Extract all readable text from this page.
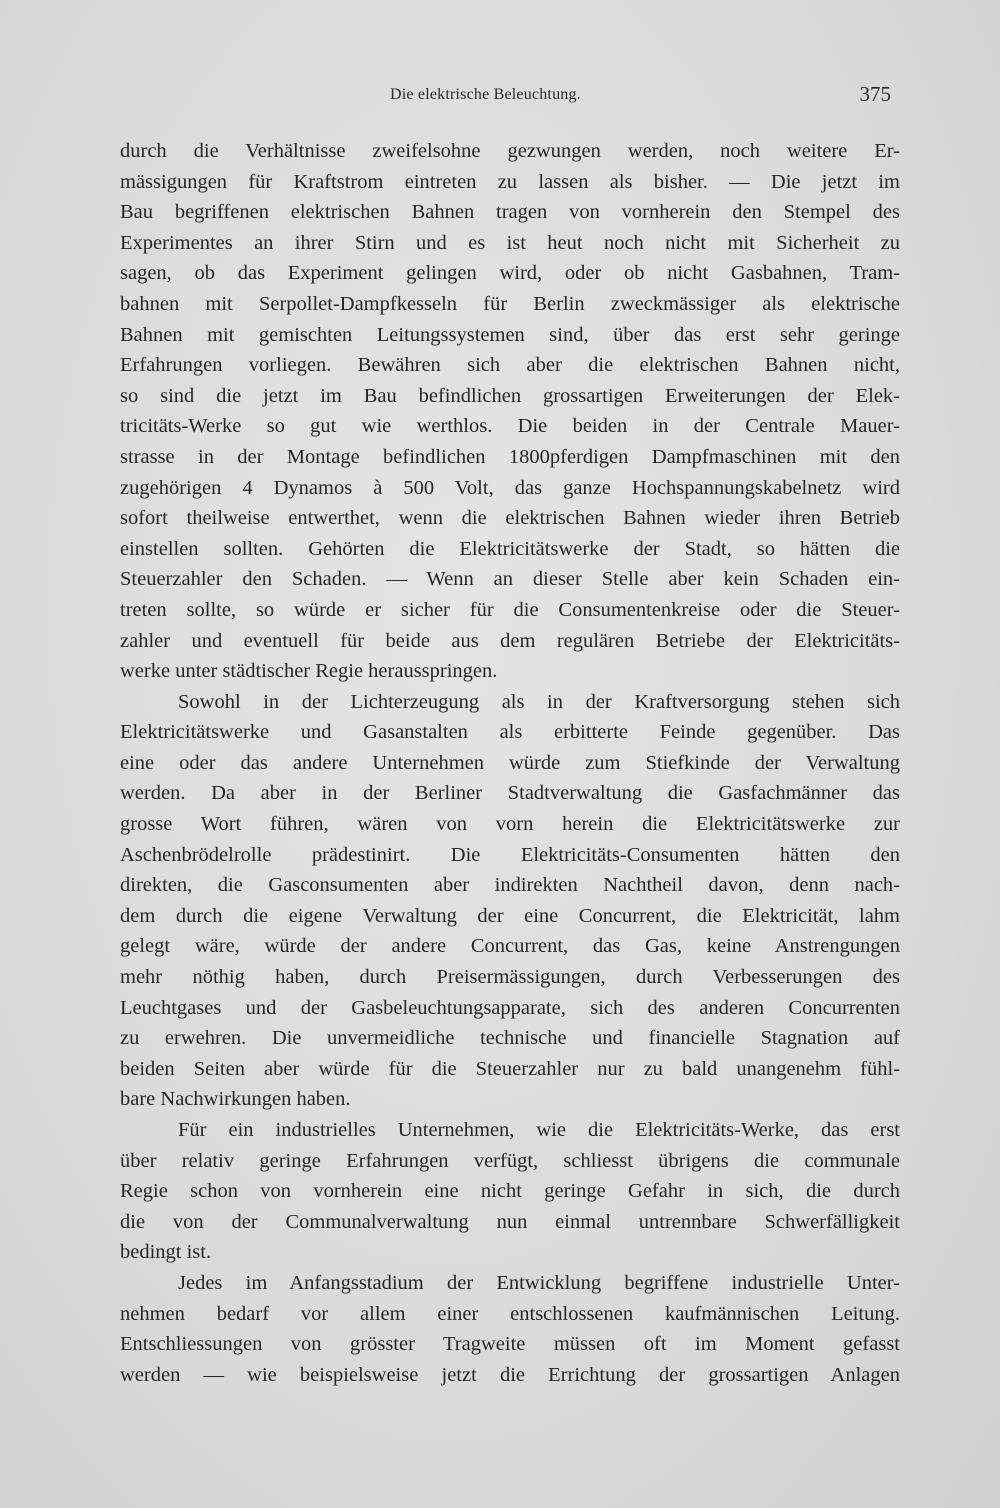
Die elektrische Beleuchtung.	375
durch die Verhältnisse zweifelsohne gezwungen werden, noch weitere Er-
mässigungen für Kraftstrom eintreten zu lassen als bisher. — Die jetzt im
Bau begriffenen elektrischen Bahnen tragen von vornherein den Stempel des
Experimentes an ihrer Stirn und es ist heut noch nicht mit Sicherheit zu
sagen, ob das Experiment gelingen wird, oder ob nicht Gasbahnen, Tram-
bahnen mit Serpollet-Dampfkesseln für Berlin zweckmässiger als elektrische
Bahnen mit gemischten Leitungssystemen sind, über das erst sehr geringe
Erfahrungen vorliegen. Bewähren sich aber die elektrischen Bahnen nicht,
so sind die jetzt im Bau befindlichen grossartigen Erweiterungen der Elek-
tricitäts-Werke so gut wie werthlos. Die beiden in der Centrale Mauer-
strasse in der Montage befindlichen 1800pferdigen Dampfmaschinen mit den
zugehörigen 4 Dynamos à 500 Volt, das ganze Hochspannungskabelnetz wird
sofort theilweise entwerthet, wenn die elektrischen Bahnen wieder ihren Betrieb
einstellen sollten. Gehörten die Elektricitätswerke der Stadt, so hätten die
Steuerzahler den Schaden. — Wenn an dieser Stelle aber kein Schaden ein-
treten sollte, so würde er sicher für die Consumentenkreise oder die Steuer-
zahler und eventuell für beide aus dem regulären Betriebe der Elektricitäts-
werke unter städtischer Regie herausspringen.
Sowohl in der Lichterzeugung als in der Kraftversorgung stehen sich
Elektricitätswerke und Gasanstalten als erbitterte Feinde gegenüber. Das
eine oder das andere Unternehmen würde zum Stiefkinde der Verwaltung
werden. Da aber in der Berliner Stadtverwaltung die Gasfachmänner das
grosse Wort führen, wären von vorn herein die Elektricitätswerke zur
Aschenbrödelrolle prädestinirt. Die Elektricitäts-Consumenten hätten den
direkten, die Gasconsumenten aber indirekten Nachtheil davon, denn nach-
dem durch die eigene Verwaltung der eine Concurrent, die Elektricität, lahm
gelegt wäre, würde der andere Concurrent, das Gas, keine Anstrengungen
mehr nöthig haben, durch Preisermässigungen, durch Verbesserungen des
Leuchtgases und der Gasbeleuchtungsapparate, sich des anderen Concurrenten
zu erwehren. Die unvermeidliche technische und financielle Stagnation auf
beiden Seiten aber würde für die Steuerzahler nur zu bald unangenehm fühl-
bare Nachwirkungen haben.
Für ein industrielles Unternehmen, wie die Elektricitäts-Werke, das erst
über relativ geringe Erfahrungen verfügt, schliesst übrigens die communale
Regie schon von vornherein eine nicht geringe Gefahr in sich, die durch
die von der Communalverwaltung nun einmal untrennbare Schwerfälligkeit
bedingt ist.
Jedes im Anfangsstadium der Entwicklung begriffene industrielle Unter-
nehmen bedarf vor allem einer entschlossenen kaufmännischen Leitung.
Entschliessungen von grösster Tragweite müssen oft im Moment gefasst
werden — wie beispielsweise jetzt die Errichtung der grossartigen Anlagen
